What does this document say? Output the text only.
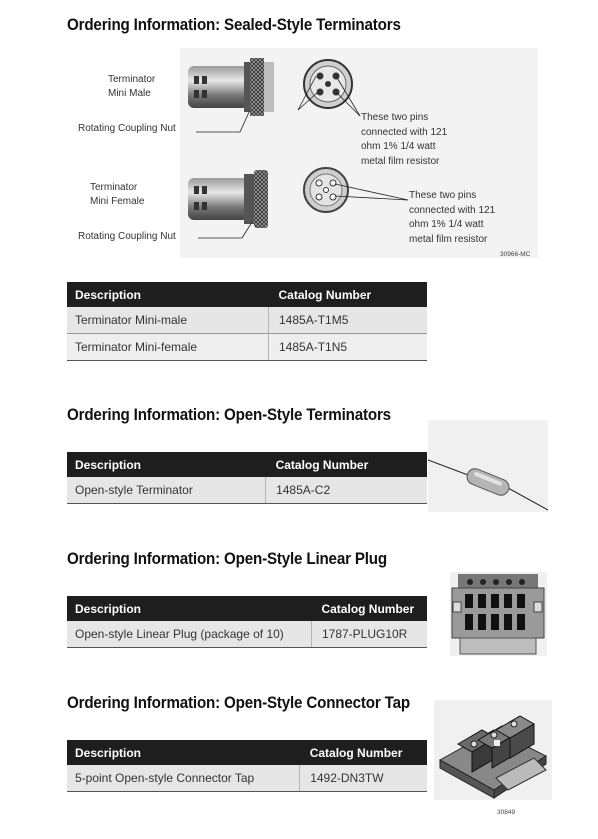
Ordering Information: Sealed-Style Terminators
Terminator
Mini Male
Rotating Coupling Nut
These two pins
connected with 121
ohm 1% 1/4 watt
metal film resistor
Terminator
Mini Female
Rotating Coupling Nut
These two pins
connected with 121
ohm 1% 1/4 watt
metal film resistor
30966-MC
Description	Catalog Number
Terminator Mini-male	1485A-T1M5
Terminator Mini-female	1485A-T1N5
Ordering Information: Open-Style Terminators
Description	Catalog Number
Open-style Terminator	1485A-C2
Ordering Information: Open-Style Linear Plug
Description	Catalog Number
Open-style Linear Plug (package of 10)	1787-PLUG10R
Ordering Information: Open-Style Connector Tap
30849
Description	Catalog Number
5-point Open-style Connector Tap	1492-DN3TW
